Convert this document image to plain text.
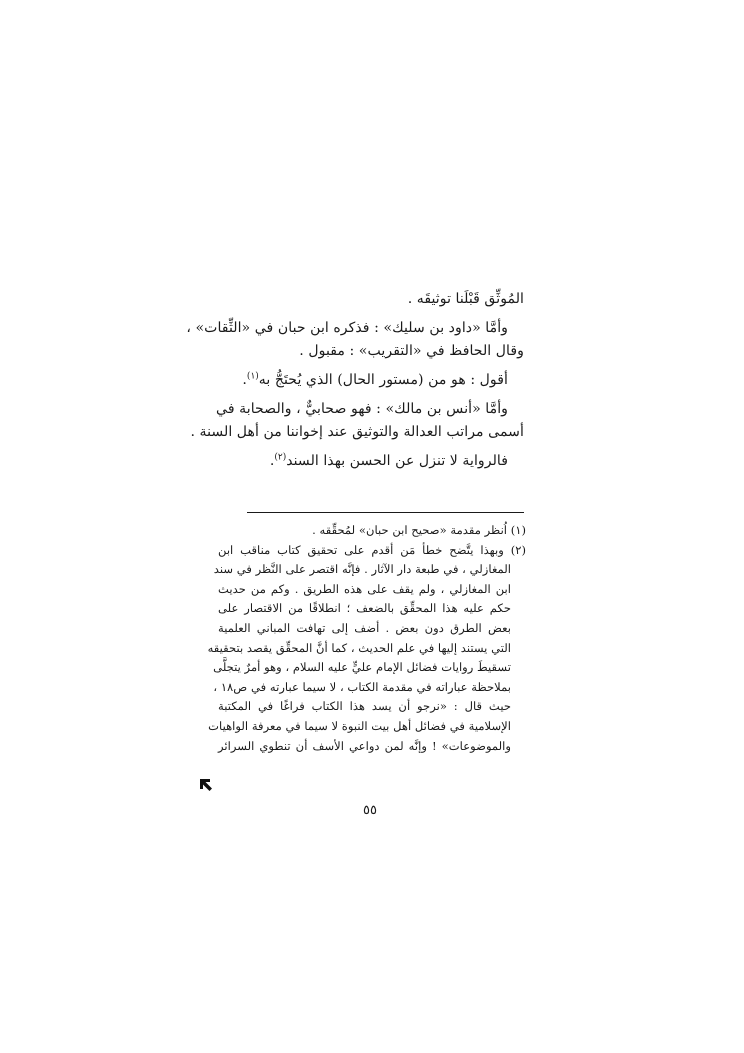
المُوثِّق قَبْلَنا توثيقَه .

وأمَّا «داود بن سليك» : فذكره ابن حبان في «الثِّقات» ،

وقال الحافظ في «التقريب» : مقبول .

أقول : هو من (مستور الحال) الذي يُحتَجُّ به$^{(١)}$.

وأمَّا «أنس بن مالك» : فهو صحابيٌّ ، والصحابة في

أسمى مراتب العدالة والتوثيق عند إخواننا من أهل السنة .

فالرواية لا تنزل عن الحسن بهذا السند$^{(٢)}$.

(١) اُنظر مقدمة «صحيح ابن حبان» لمُحقِّقه .

(٢) وبهذا يتَّضح خطأ مَن أقدم على تحقيق كتاب مناقب ابن

المغازلي ، في طبعة دار الآثار . فإنَّه اقتصر على النَّظر في سند

ابن المغازلي ، ولم يقف على هذه الطريق . وكم من حديث

حكم عليه هذا المحقِّق بالضعف ؛ انطلاقًا من الاقتصار على

بعض الطرق دون بعض . أضف إلى تهافت المباني العلمية

التي يستند إليها في علم الحديث ، كما أنَّ المحقِّق يقصد بتحقيقه

تسقيطَ روايات فضائل الإمام عليٍّ عليه السلام ، وهو أمرٌ يتجلَّى

بملاحظة عباراته في مقدمة الكتاب ، لا سيما عبارته في ص١٨ ،

حيث قال : «نرجو أن يسد هذا الكتاب فراغًا في المكتبة

الإسلامية في فضائل أهل بيت النبوة لا سيما في معرفة الواهيات

والموضوعات» ! وإنَّه لمن دواعي الأسف أن تنطوي السرائر

٥٥
